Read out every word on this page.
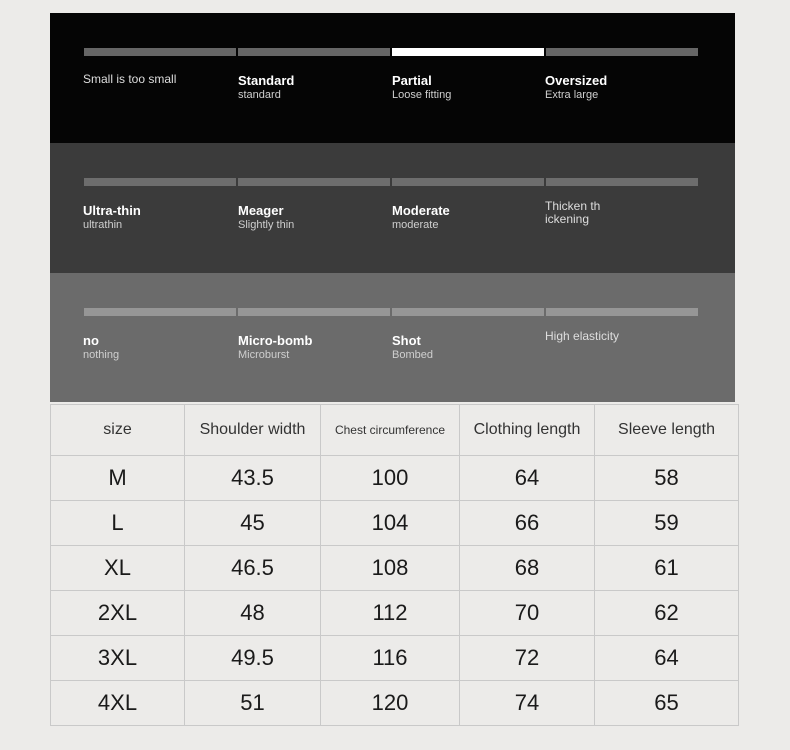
Small is too small	Standard
standard
Partial
Loose fitting
Oversized
Extra large
Ultra-thin
ultrathin
Meager
Slightly thin
Moderate
moderate
Thicken thickening
no
nothing
Micro-bomb
Microburst
Shot
Bombed
High elasticity
size	Shoulder width	Chest circumference	Clothing length	Sleeve length
M	43.5	100	64	58
L	45	104	66	59
XL	46.5	108	68	61
2XL	48	112	70	62
3XL	49.5	116	72	64
4XL	51	120	74	65
